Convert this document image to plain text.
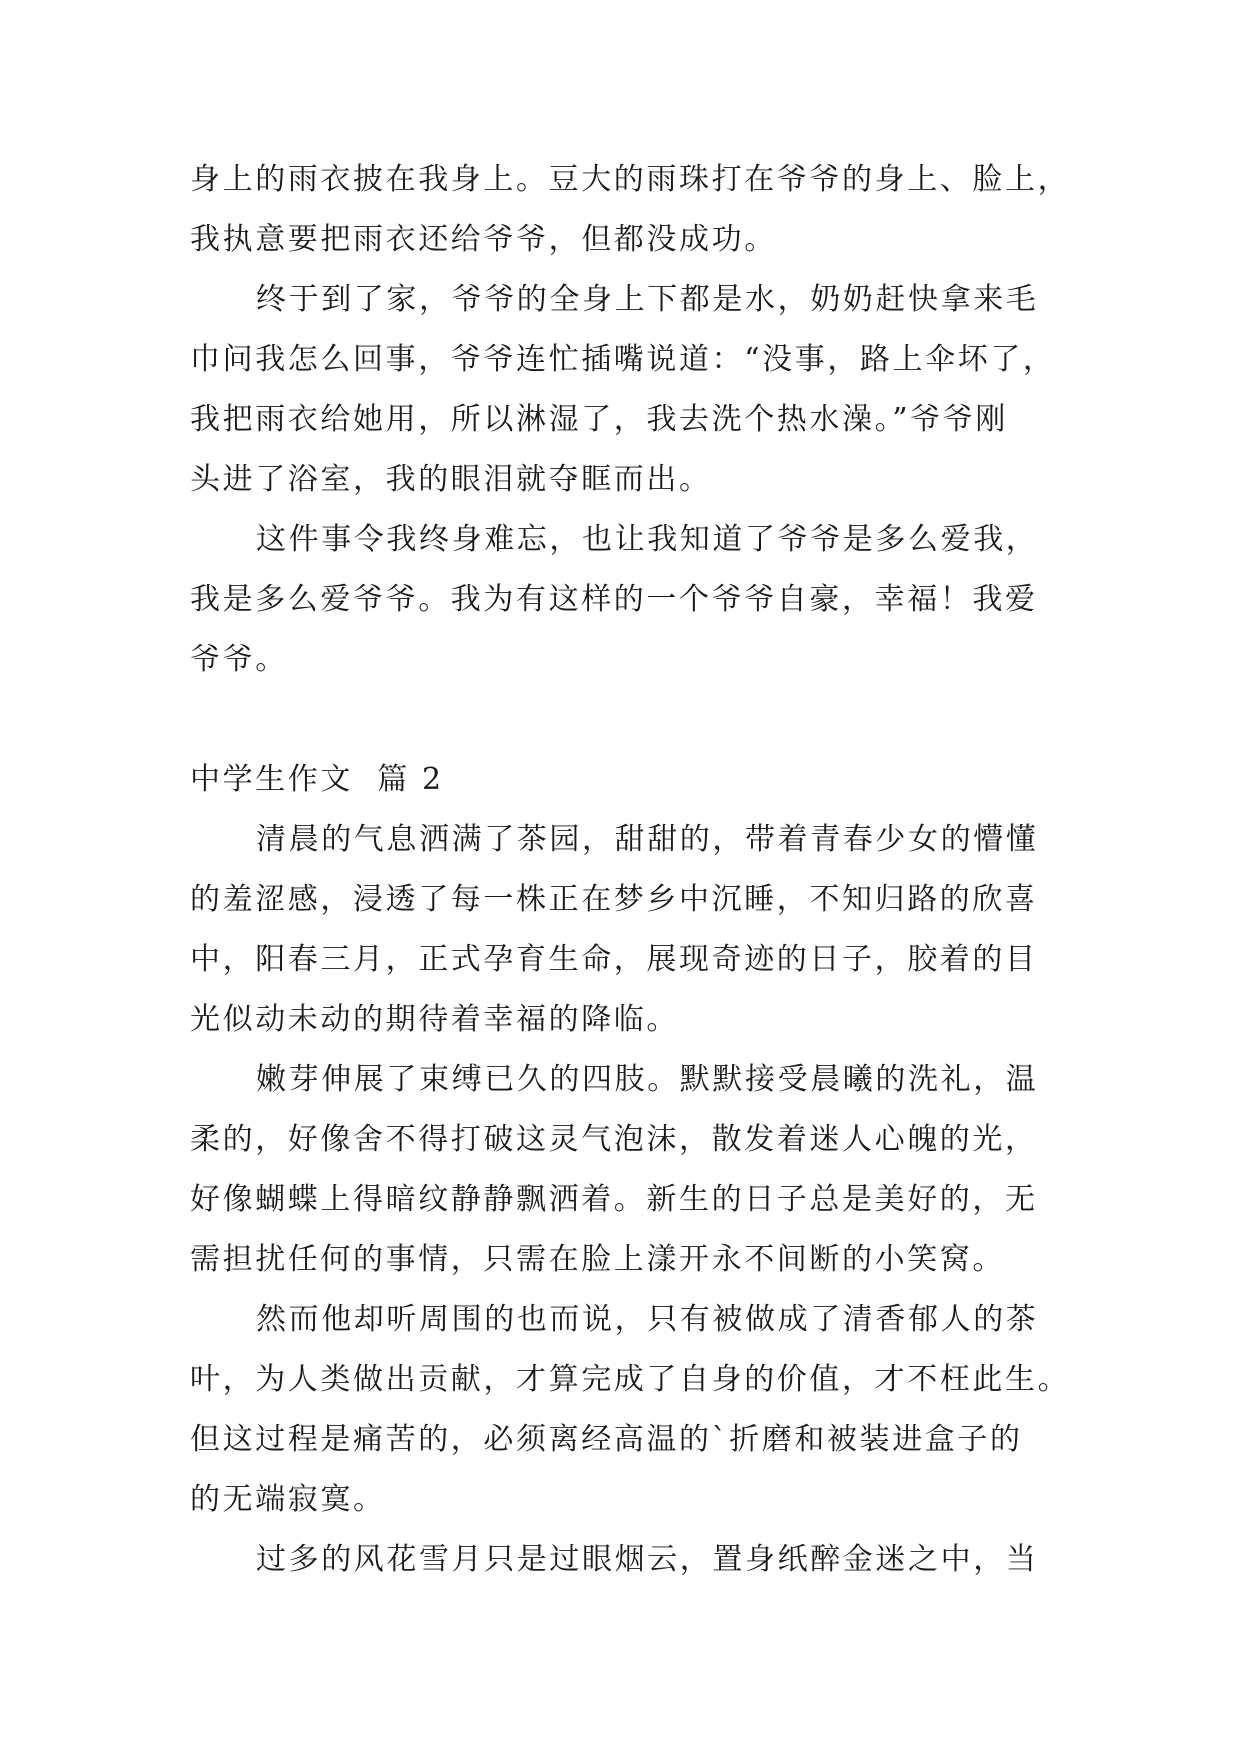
身上的雨衣披在我身上。豆大的雨珠打在爷爷的身上、脸上，
我执意要把雨衣还给爷爷，但都没成功。
终于到了家，爷爷的全身上下都是水，奶奶赶快拿来毛
巾问我怎么回事，爷爷连忙插嘴说道：“没事，路上伞坏了，
我把雨衣给她用，所以淋湿了，我去洗个热水澡。”爷爷刚
头进了浴室，我的眼泪就夺眶而出。
这件事令我终身难忘，也让我知道了爷爷是多么爱我，
我是多么爱爷爷。我为有这样的一个爷爷自豪，幸福！我爱
爷爷。
中学生作文  篇 2
清晨的气息洒满了茶园，甜甜的，带着青春少女的懵懂
的羞涩感，浸透了每一株正在梦乡中沉睡，不知归路的欣喜
中，阳春三月，正式孕育生命，展现奇迹的日子，胶着的目
光似动未动的期待着幸福的降临。
嫩芽伸展了束缚已久的四肢。默默接受晨曦的洗礼，温
柔的，好像舍不得打破这灵气泡沫，散发着迷人心魄的光，
好像蝴蝶上得暗纹静静飘洒着。新生的日子总是美好的，无
需担扰任何的事情，只需在脸上漾开永不间断的小笑窝。
然而他却听周围的也而说，只有被做成了清香郁人的茶
叶，为人类做出贡献，才算完成了自身的价值，才不枉此生。
但这过程是痛苦的，必须离经高温的`折磨和被装进盒子的
的无端寂寞。
过多的风花雪月只是过眼烟云，置身纸醉金迷之中，当
